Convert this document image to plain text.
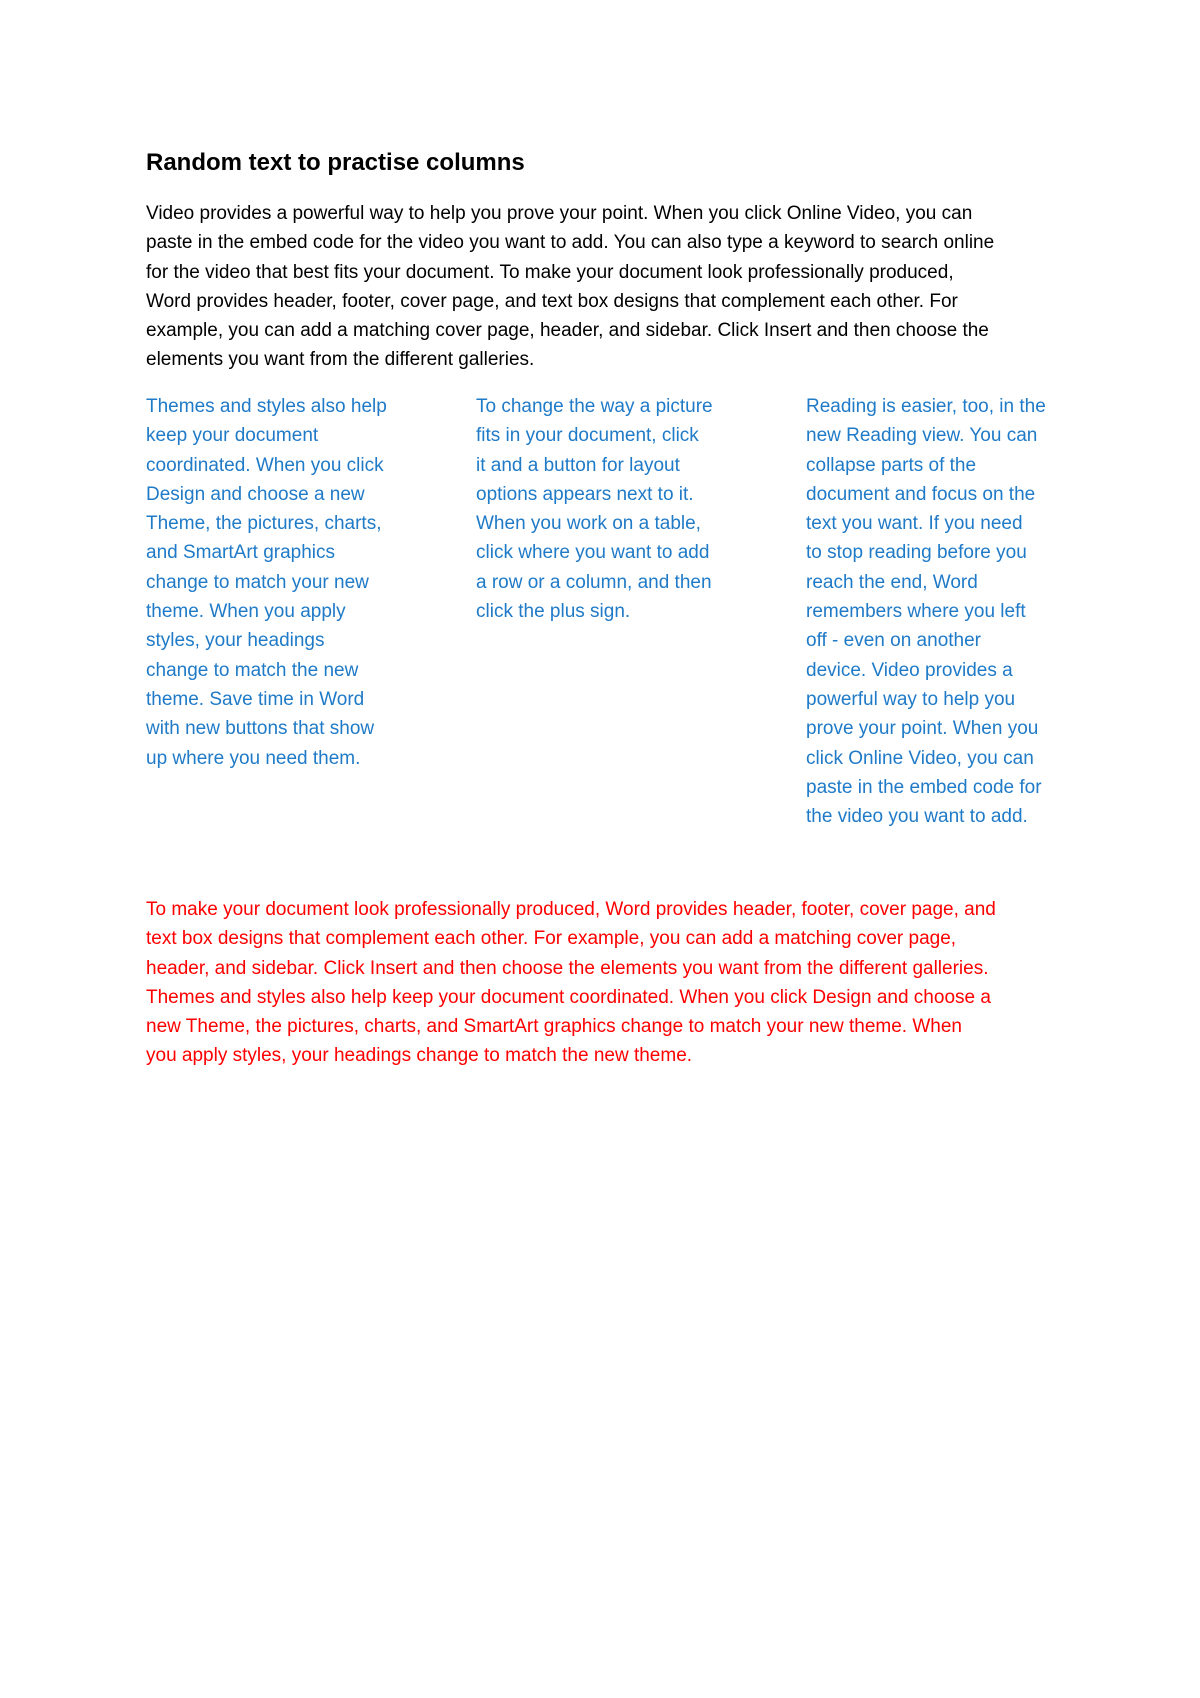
Random text to practise columns

Video provides a powerful way to help you prove your point. When you click Online Video, you can
paste in the embed code for the video you want to add. You can also type a keyword to search online
for the video that best fits your document. To make your document look professionally produced,
Word provides header, footer, cover page, and text box designs that complement each other. For
example, you can add a matching cover page, header, and sidebar. Click Insert and then choose the
elements you want from the different galleries.

Themes and styles also help
keep your document
coordinated. When you click
Design and choose a new
Theme, the pictures, charts,
and SmartArt graphics
change to match your new
theme. When you apply
styles, your headings
change to match the new
theme. Save time in Word
with new buttons that show
up where you need them.

To change the way a picture
fits in your document, click
it and a button for layout
options appears next to it.
When you work on a table,
click where you want to add
a row or a column, and then
click the plus sign.

Reading is easier, too, in the
new Reading view. You can
collapse parts of the
document and focus on the
text you want. If you need
to stop reading before you
reach the end, Word
remembers where you left
off - even on another
device. Video provides a
powerful way to help you
prove your point. When you
click Online Video, you can
paste in the embed code for
the video you want to add.

To make your document look professionally produced, Word provides header, footer, cover page, and
text box designs that complement each other. For example, you can add a matching cover page,
header, and sidebar. Click Insert and then choose the elements you want from the different galleries.
Themes and styles also help keep your document coordinated. When you click Design and choose a
new Theme, the pictures, charts, and SmartArt graphics change to match your new theme. When
you apply styles, your headings change to match the new theme.
